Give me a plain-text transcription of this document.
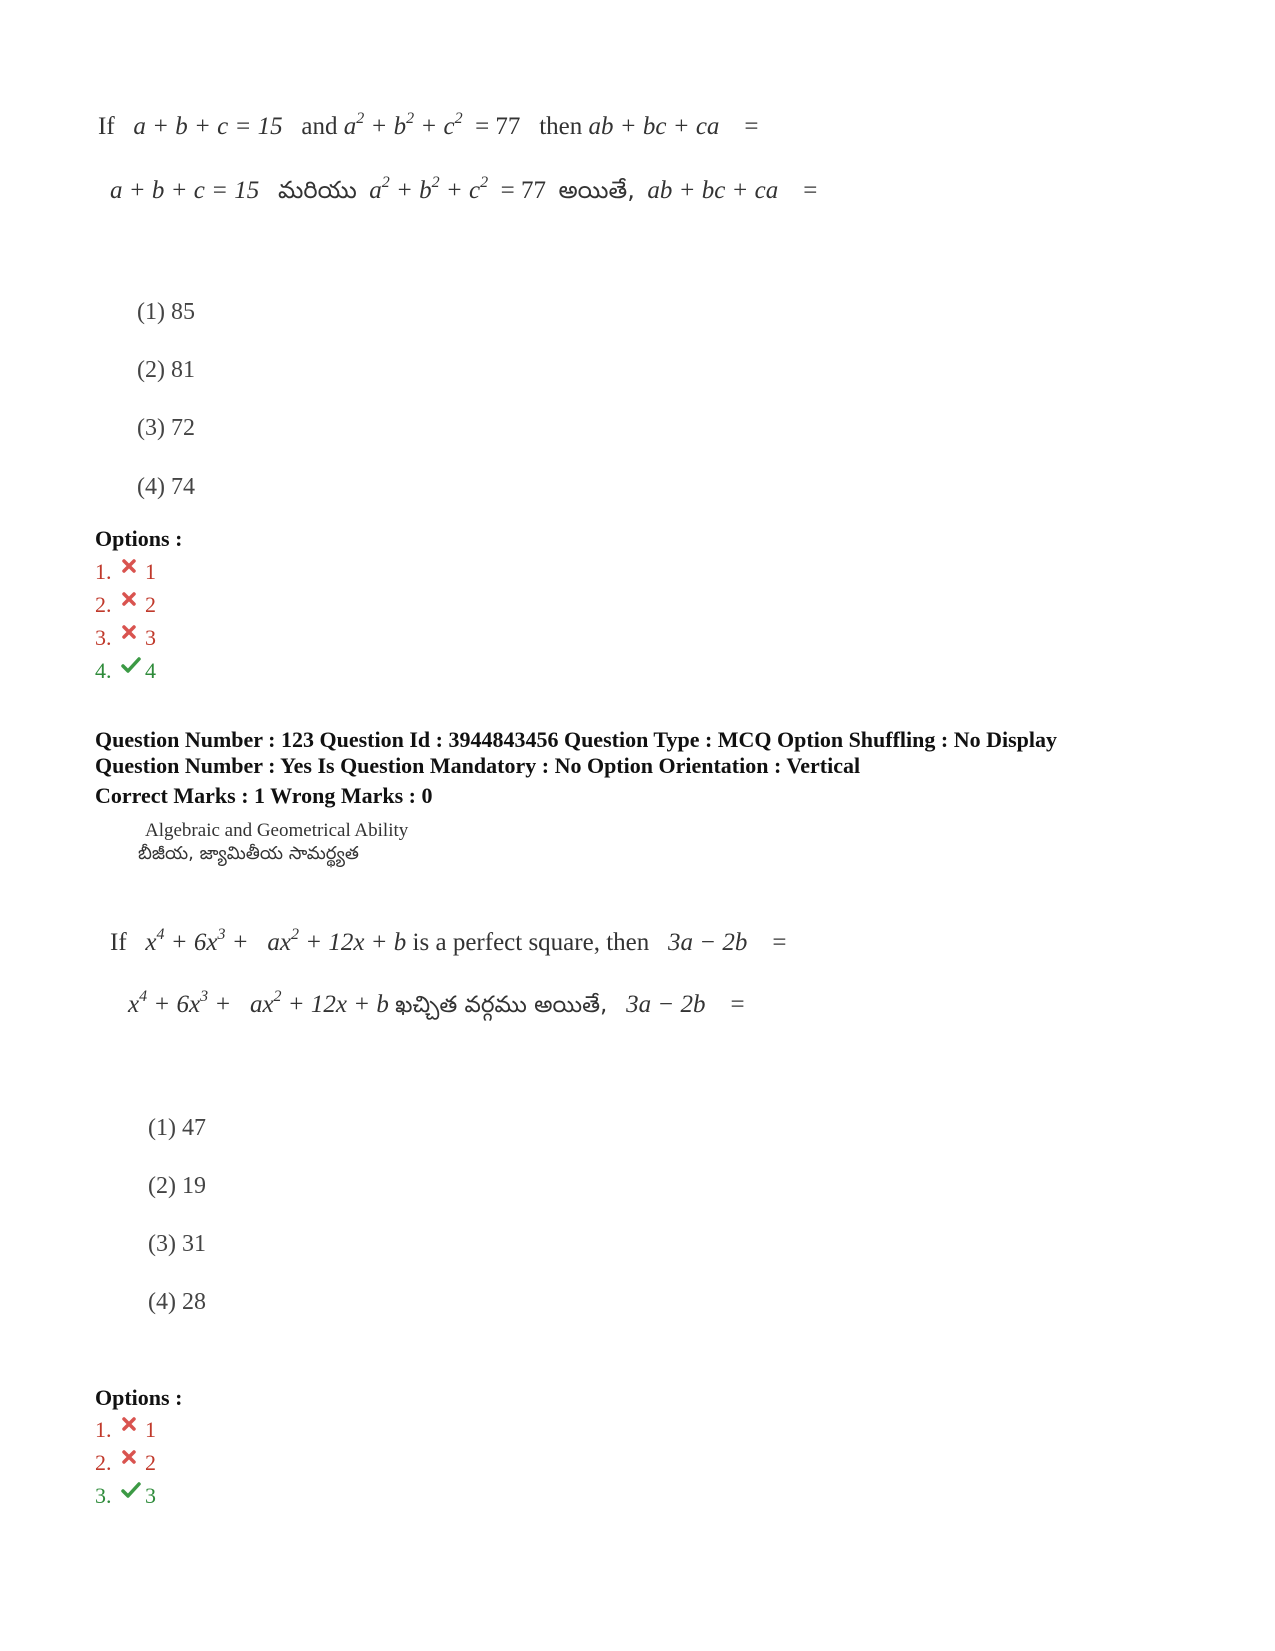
If a + b + c = 15 and $a^2 + b^2 + c^2 = 77$ then ab + bc + ca =
a + b + c = 15 మరియు $a^2 + b^2 + c^2 = 77$ అయితే, ab + bc + ca =
(1) 85
(2) 81
(3) 72
(4) 74
Options :
1.	1
2.	2
3.	3
4.	4
Question Number : 123 Question Id : 3944843456 Question Type : MCQ Option Shuffling : No Display
Question Number : Yes Is Question Mandatory : No Option Orientation : Vertical
Correct Marks : 1 Wrong Marks : 0
Algebraic and Geometrical Ability
బీజీయ, జ్యామితీయ సామర్థ్యత
If $x^4 + 6x^3 + ax^2 + 12x + b$ is a perfect square, then 3a − 2b =
$x^4 + 6x^3 + ax^2 + 12x + b$ ఖచ్చిత వర్గము అయితే, 3a − 2b =
(1) 47
(2) 19
(3) 31
(4) 28
Options :
1.	1
2.	2
3.	3
